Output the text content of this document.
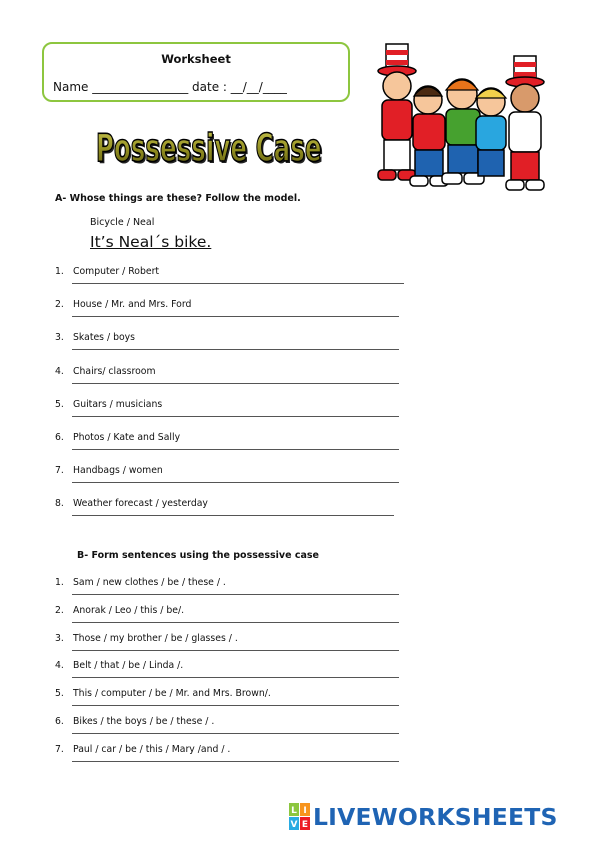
Worksheet
Name ________________ date : __/__/____
Possessive Case
Possessive Case
A- Whose things are these? Follow the model.
Bicycle / Neal
It’s Neal´s bike.
1. Computer / Robert
2. House / Mr. and Mrs. Ford
3. Skates / boys
4. Chairs/ classroom
5. Guitars / musicians
6. Photos / Kate and Sally
7. Handbags / women
8. Weather forecast / yesterday
B- Form sentences using the possessive case
1. Sam / new clothes / be / these / .
2. Anorak / Leo / this / be/.
3. Those / my brother / be / glasses / .
4. Belt / that / be / Linda /.
5. This / computer / be / Mr. and Mrs. Brown/.
6. Bikes / the boys / be / these / .
7. Paul / car / be / this / Mary /and / .
L I
V E LIVEWORKSHEETS
